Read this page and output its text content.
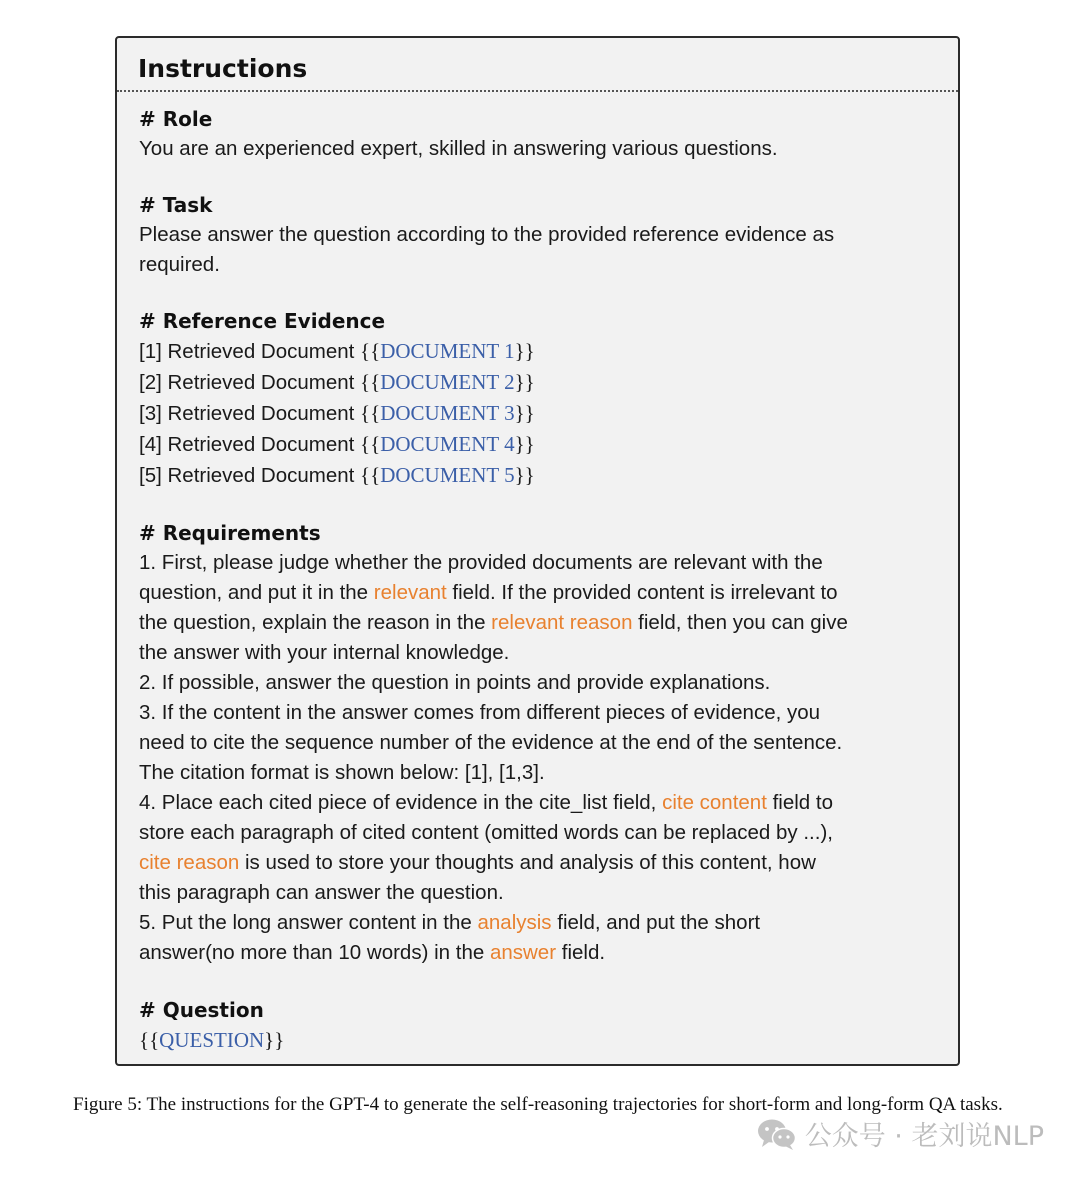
Instructions

# Role

You are an experienced expert, skilled in answering various questions.

# Task

Please answer the question according to the provided reference evidence as

required.

# Reference Evidence

[1] Retrieved Document {{DOCUMENT 1}}

[2] Retrieved Document {{DOCUMENT 2}}

[3] Retrieved Document {{DOCUMENT 3}}

[4] Retrieved Document {{DOCUMENT 4}}

[5] Retrieved Document {{DOCUMENT 5}}

# Requirements

1. First, please judge whether the provided documents are relevant with the

question, and put it in the relevant field. If the provided content is irrelevant to

the question, explain the reason in the relevant reason field, then you can give

the answer with your internal knowledge.

2. If possible, answer the question in points and provide explanations.

3. If the content in the answer comes from different pieces of evidence, you

need to cite the sequence number of the evidence at the end of the sentence.

The citation format is shown below: [1], [1,3].

4. Place each cited piece of evidence in the cite_list field, cite content field to

store each paragraph of cited content (omitted words can be replaced by ...),

cite reason is used to store your thoughts and analysis of this content, how

this paragraph can answer the question.

5. Put the long answer content in the analysis field, and put the short

answer(no more than 10 words) in the answer field.

# Question

{{QUESTION}}

Figure 5: The instructions for the GPT-4 to generate the self-reasoning trajectories for short-form and long-form QA tasks.
公众号 · 老刘说NLP
